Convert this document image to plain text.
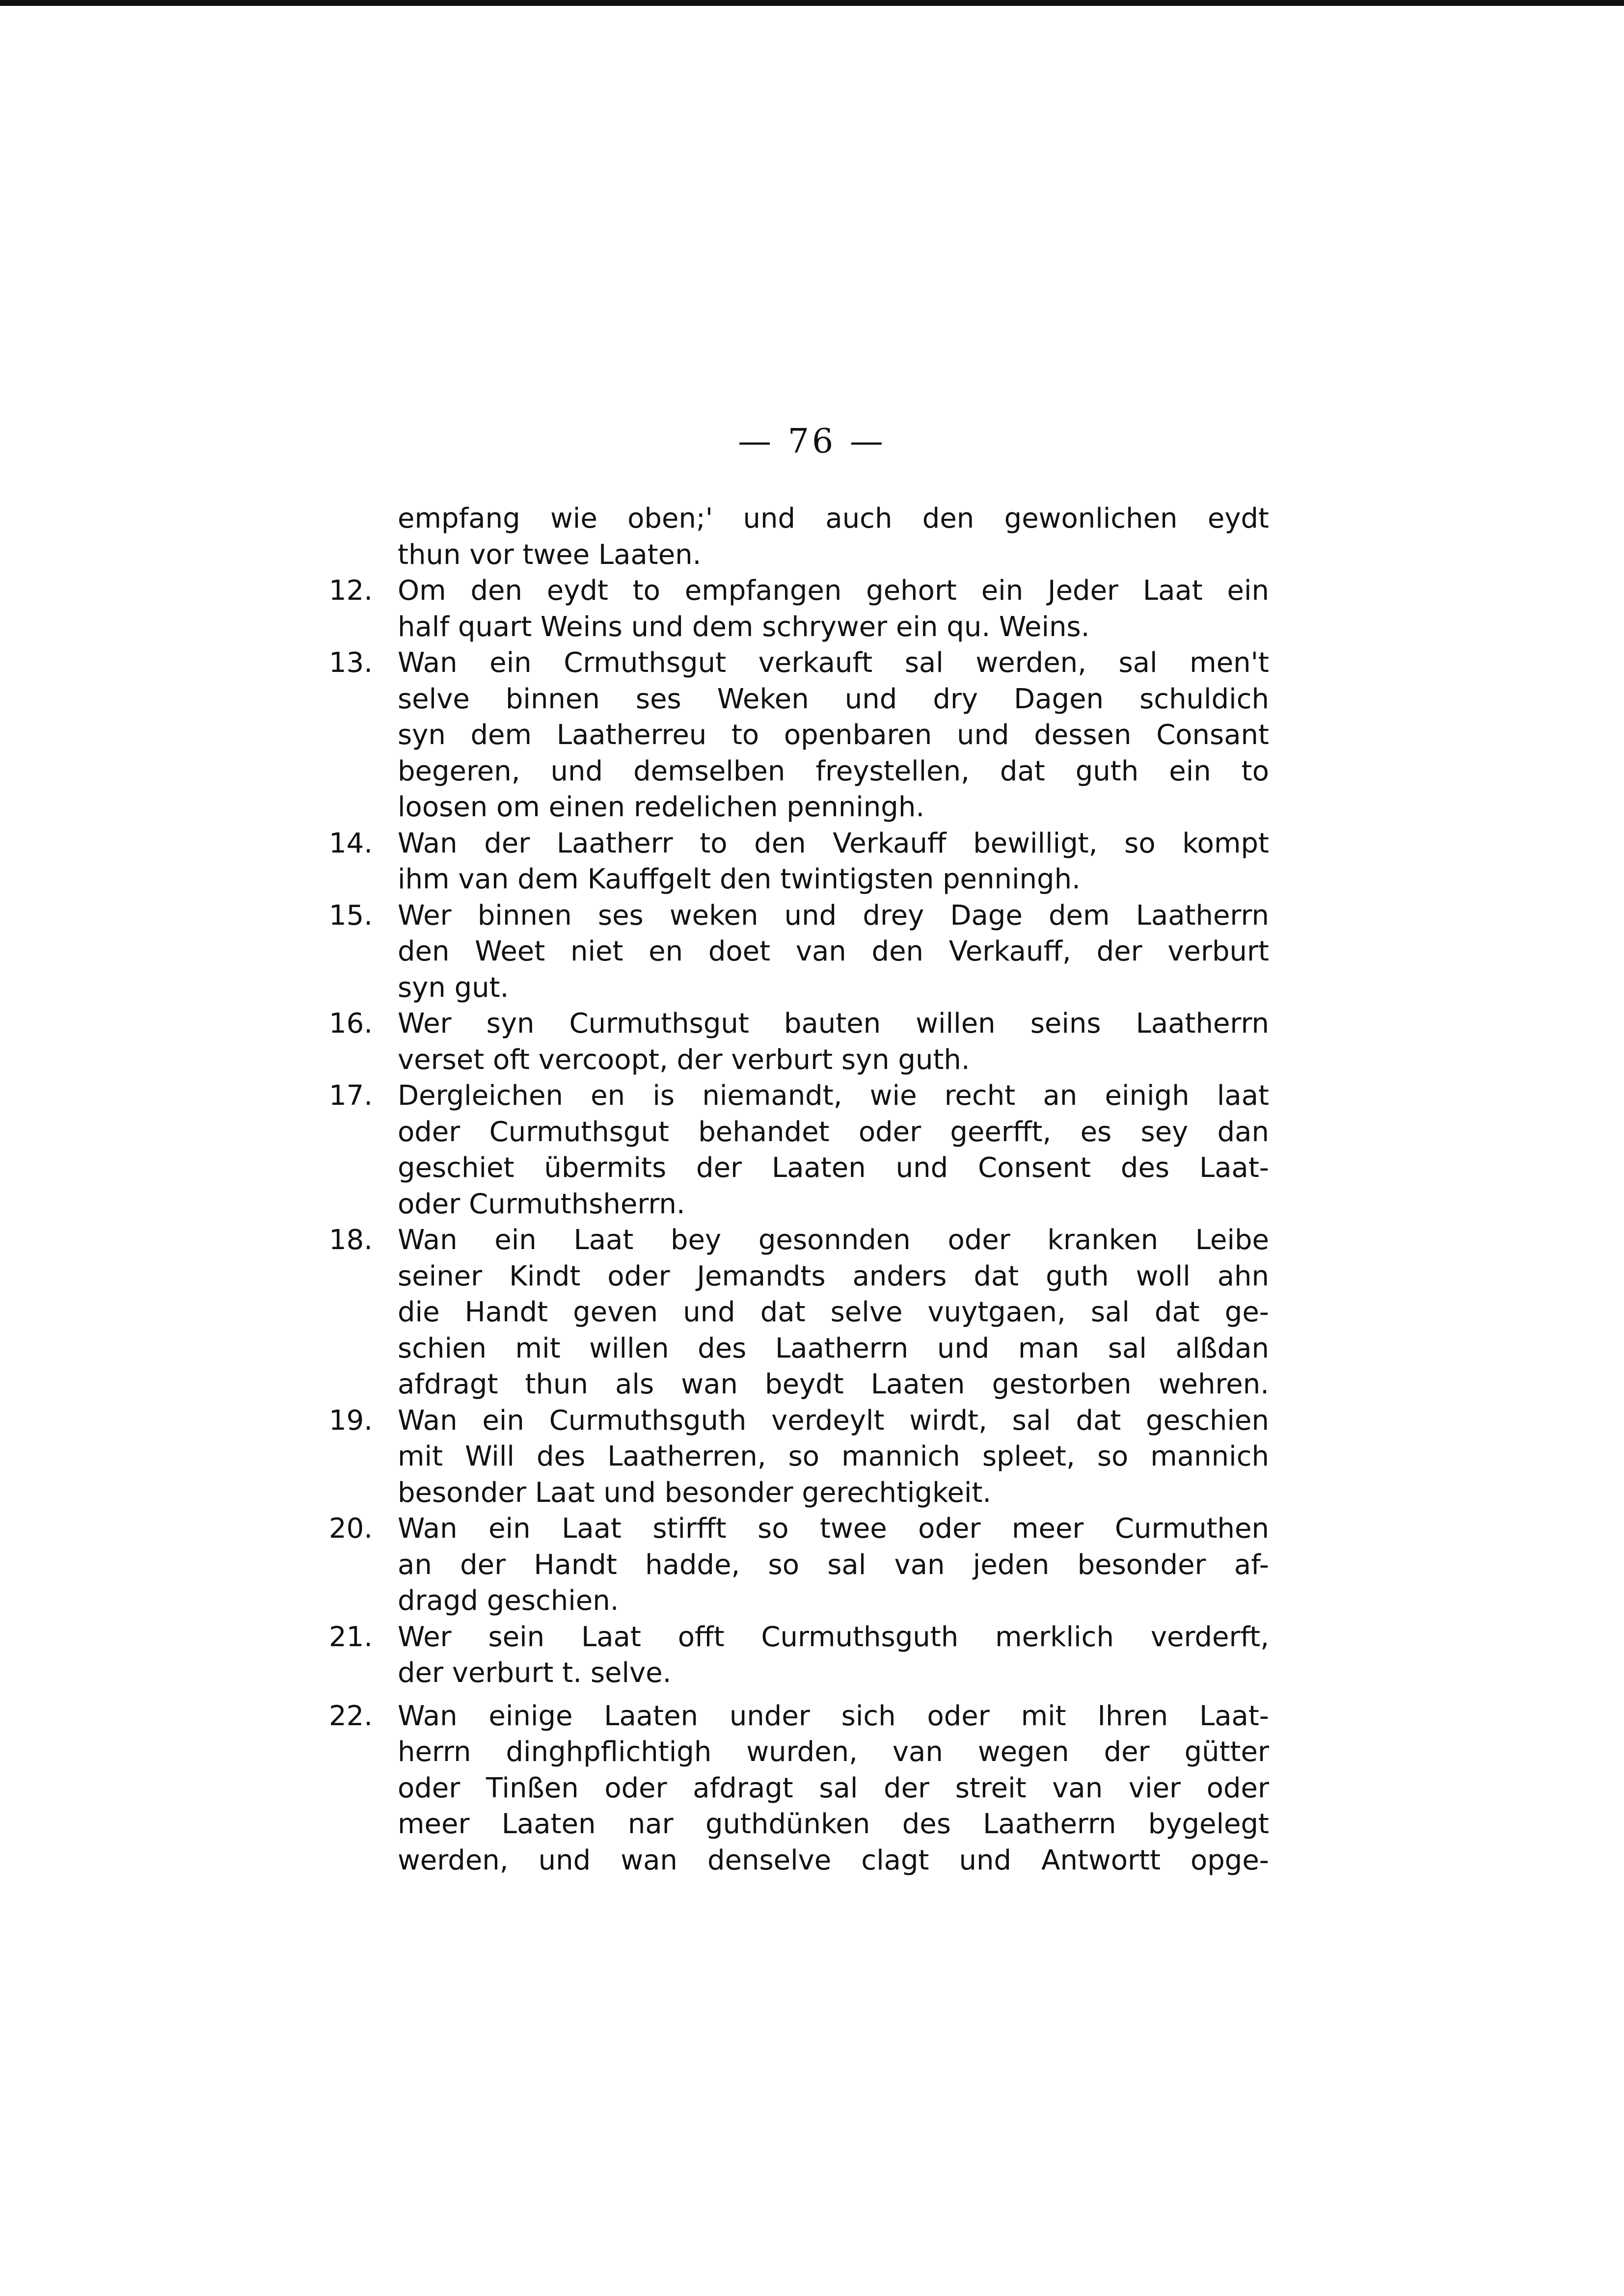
— 76 —
empfang wie oben;' und auch den gewonlichen eydt
thun vor twee Laaten.
12. Om den eydt to empfangen gehort ein Jeder Laat ein
half quart Weins und dem schrywer ein qu. Weins.
13. Wan ein Crmuthsgut verkauft sal werden, sal men't
selve binnen ses Weken und dry Dagen schuldich
syn dem Laatherreu to openbaren und dessen Consant
begeren, und demselben freystellen, dat guth ein to
loosen om einen redelichen penningh.
14. Wan der Laatherr to den Verkauff bewilligt, so kompt
ihm van dem Kauffgelt den twintigsten penningh.
15. Wer binnen ses weken und drey Dage dem Laatherrn
den Weet niet en doet van den Verkauff, der verburt
syn gut.
16. Wer syn Curmuthsgut bauten willen seins Laatherrn
verset oft vercoopt, der verburt syn guth.
17. Dergleichen en is niemandt, wie recht an einigh laat
oder Curmuthsgut behandet oder geerfft, es sey dan
geschiet übermits der Laaten und Consent des Laat-
oder Curmuthsherrn.
18. Wan ein Laat bey gesonnden oder kranken Leibe
seiner Kindt oder Jemandts anders dat guth woll ahn
die Handt geven und dat selve vuytgaen, sal dat ge-
schien mit willen des Laatherrn und man sal alßdan
afdragt thun als wan beydt Laaten gestorben wehren.
19. Wan ein Curmuthsguth verdeylt wirdt, sal dat geschien
mit Will des Laatherren, so mannich spleet, so mannich
besonder Laat und besonder gerechtigkeit.
20. Wan ein Laat stirfft so twee oder meer Curmuthen
an der Handt hadde, so sal van jeden besonder af-
dragd geschien.
21. Wer sein Laat offt Curmuthsguth merklich verderft,
der verburt t. selve.
22. Wan einige Laaten under sich oder mit Ihren Laat-
herrn dinghpflichtigh wurden, van wegen der gütter
oder Tinßen oder afdragt sal der streit van vier oder
meer Laaten nar guthdünken des Laatherrn bygelegt
werden, und wan denselve clagt und Antwortt opge-
